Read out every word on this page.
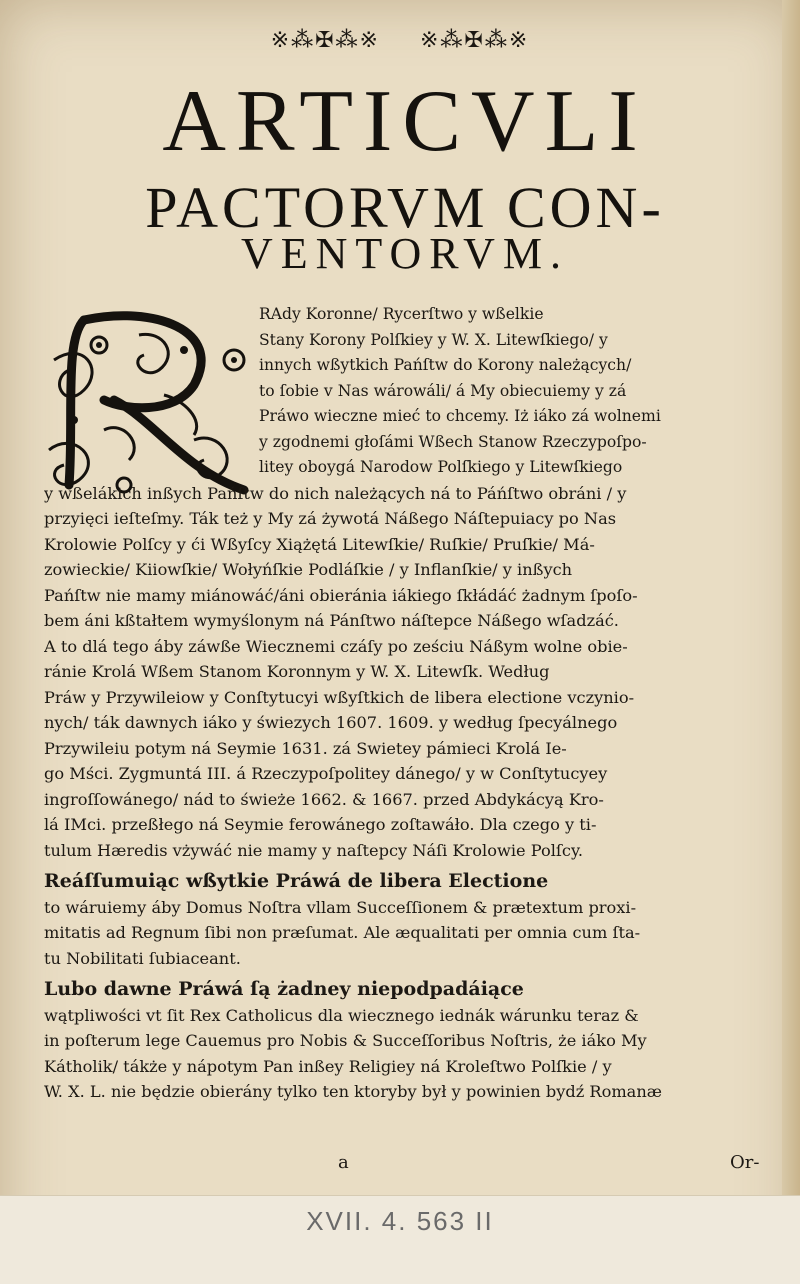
※⁂✠⁂※ ※⁂✠⁂※
ARTICVLI
PACTORVM CON-
VENTORVM.
RAdy Koronne/ Rycerſtwo y wßelkie
Stany Korony Polſkiey y W. X. Litewſkiego/ y
innych wßytkich Pańſtw do Korony należących/
to ſobie v Nas wárowáli/ á My obiecuiemy y zá
Práwo wieczne mieć to chcemy. Iż iáko zá wolnemi
y zgodnemi głoſámi Wßech Stanow Rzeczypoſpo-
litey oboygá Narodow Polſkiego y Litewſkiego
y wßelákich inßych Pańſtw do nich należących ná to Páńſtwo obráni / y
przyięci ieſteſmy. Ták też y My zá żywotá Náßego Náſtepuiacy po Nas
Krolowie Polſcy y ći Wßyſcy Xiążętá Litewſkie/ Ruſkie/ Pruſkie/ Má-
zowieckie/ Kiiowſkie/ Wołyńſkie Podláſkie / y Inflanſkie/ y inßych
Pańſtw nie mamy miánowáć/áni obieránia iákiego ſkłádáć żadnym ſpoſo-
bem áni kßtałtem wymyślonym ná Pánſtwo náſtepce Náßego wſadzáć.
A to dlá tego áby záwße Wiecznemi czáſy po ześciu Náßym wolne obie-
ránie Krolá Wßem Stanom Koronnym y W. X. Litewſk. Według
Práw y Przywileiow y Conſtytucyi wßyſtkich de libera electione vczynio-
nych/ ták dawnych iáko y świezych 1607. 1609. y według ſpecyálnego
Przywileiu potym ná Seymie 1631. zá Swietey pámieci Krolá Ie-
go Mści. Zygmuntá III. á Rzeczypoſpolitey dánego/ y w Conſtytucyey
ingroſſowánego/ nád to świeże 1662. & 1667. przed Abdykácyą Kro-
lá IMci. przeßłego ná Seymie ferowánego zoſtawáło. Dla czego y ti-
tulum Hæredis vżywáć nie mamy y naſtepcy Náſi Krolowie Polſcy.
Reáſſumuiąc wßytkie Práwá de libera Electione
to wáruiemy áby Domus Noſtra vllam Succeſſionem & prætextum proxi-
mitatis ad Regnum ſibi non præſumat. Ale æqualitati per omnia cum ſta-
tu Nobilitati ſubiaceant.
Lubo dawne Práwá ſą żadney niepodpadáiące
wątpliwości vt ſit Rex Catholicus dla wiecznego iednák wárunku teraz &
in poſterum lege Cauemus pro Nobis & Succeſſoribus Noſtris, że iáko My
Kátholik/ tákże y nápotym Pan inßey Religiey ná Kroleſtwo Polſkie / y
W. X. L. nie będzie obierány tylko ten ktoryby był y powinien bydź Romanæ
a	Or-
XVII. 4. 563 II
